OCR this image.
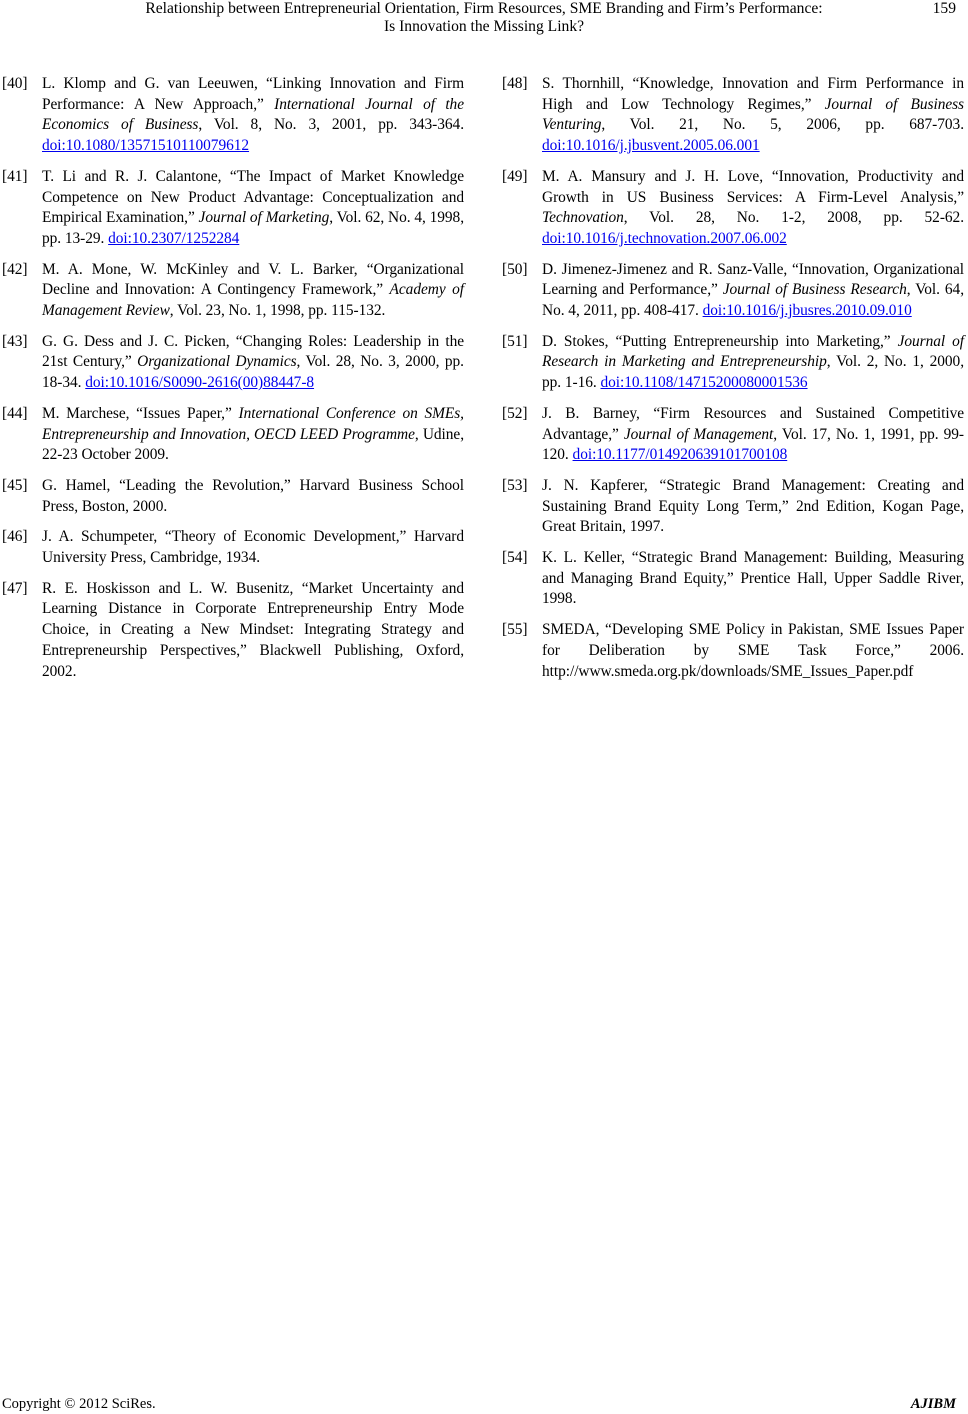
Relationship between Entrepreneurial Orientation, Firm Resources, SME Branding and Firm’s Performance:
Is Innovation the Missing Link?
159
[40] L. Klomp and G. van Leeuwen, “Linking Innovation and Firm Performance: A New Approach,” International Journal of the Economics of Business, Vol. 8, No. 3, 2001, pp. 343-364. doi:10.1080/13571510110079612
[41] T. Li and R. J. Calantone, “The Impact of Market Knowledge Competence on New Product Advantage: Conceptualization and Empirical Examination,” Journal of Marketing, Vol. 62, No. 4, 1998, pp. 13-29. doi:10.2307/1252284
[42] M. A. Mone, W. McKinley and V. L. Barker, “Organizational Decline and Innovation: A Contingency Framework,” Academy of Management Review, Vol. 23, No. 1, 1998, pp. 115-132.
[43] G. G. Dess and J. C. Picken, “Changing Roles: Leadership in the 21st Century,” Organizational Dynamics, Vol. 28, No. 3, 2000, pp. 18-34. doi:10.1016/S0090-2616(00)88447-8
[44] M. Marchese, “Issues Paper,” International Conference on SMEs, Entrepreneurship and Innovation, OECD LEED Programme, Udine, 22-23 October 2009.
[45] G. Hamel, “Leading the Revolution,” Harvard Business School Press, Boston, 2000.
[46] J. A. Schumpeter, “Theory of Economic Development,” Harvard University Press, Cambridge, 1934.
[47] R. E. Hoskisson and L. W. Busenitz, “Market Uncertainty and Learning Distance in Corporate Entrepreneurship Entry Mode Choice, in Creating a New Mindset: Integrating Strategy and Entrepreneurship Perspectives,” Blackwell Publishing, Oxford, 2002.
[48] S. Thornhill, “Knowledge, Innovation and Firm Performance in High and Low Technology Regimes,” Journal of Business Venturing, Vol. 21, No. 5, 2006, pp. 687-703. doi:10.1016/j.jbusvent.2005.06.001
[49] M. A. Mansury and J. H. Love, “Innovation, Productivity and Growth in US Business Services: A Firm-Level Analysis,” Technovation, Vol. 28, No. 1-2, 2008, pp. 52-62. doi:10.1016/j.technovation.2007.06.002
[50] D. Jimenez-Jimenez and R. Sanz-Valle, “Innovation, Organizational Learning and Performance,” Journal of Business Research, Vol. 64, No. 4, 2011, pp. 408-417. doi:10.1016/j.jbusres.2010.09.010
[51] D. Stokes, “Putting Entrepreneurship into Marketing,” Journal of Research in Marketing and Entrepreneurship, Vol. 2, No. 1, 2000, pp. 1-16. doi:10.1108/14715200080001536
[52] J. B. Barney, “Firm Resources and Sustained Competitive Advantage,” Journal of Management, Vol. 17, No. 1, 1991, pp. 99-120. doi:10.1177/014920639101700108
[53] J. N. Kapferer, “Strategic Brand Management: Creating and Sustaining Brand Equity Long Term,” 2nd Edition, Kogan Page, Great Britain, 1997.
[54] K. L. Keller, “Strategic Brand Management: Building, Measuring and Managing Brand Equity,” Prentice Hall, Upper Saddle River, 1998.
[55] SMEDA, “Developing SME Policy in Pakistan, SME Issues Paper for Deliberation by SME Task Force,” 2006. http://www.smeda.org.pk/downloads/SME_Issues_Paper.pdf
Copyright © 2012 SciRes.	AJIBM
